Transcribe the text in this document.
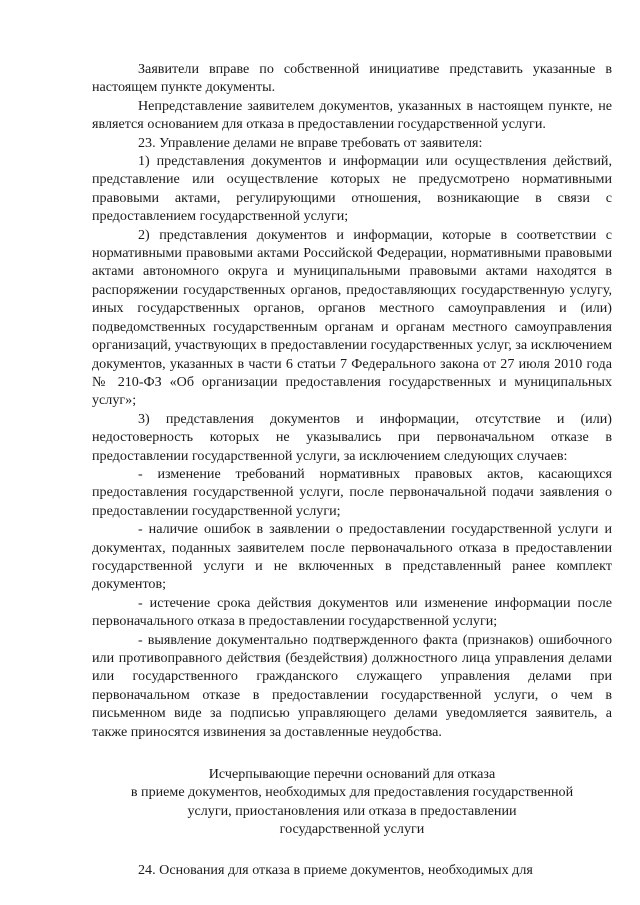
Заявители вправе по собственной инициативе представить указанные в настоящем пункте документы.

Непредставление заявителем документов, указанных в настоящем пункте, не является основанием для отказа в предоставлении государственной услуги.

23. Управление делами не вправе требовать от заявителя:

1) представления документов и информации или осуществления действий, представление или осуществление которых не предусмотрено нормативными правовыми актами, регулирующими отношения, возникающие в связи с предоставлением государственной услуги;

2) представления документов и информации, которые в соответствии с нормативными правовыми актами Российской Федерации, нормативными правовыми актами автономного округа и муниципальными правовыми актами находятся в распоряжении государственных органов, предоставляющих государственную услугу, иных государственных органов, органов местного самоуправления и (или) подведомственных государственным органам и органам местного самоуправления организаций, участвующих в предоставлении государственных услуг, за исключением документов, указанных в части 6 статьи 7 Федерального закона от 27 июля 2010 года № 210-ФЗ «Об организации предоставления государственных и муниципальных услуг»;

3) представления документов и информации, отсутствие и (или) недостоверность которых не указывались при первоначальном отказе в предоставлении государственной услуги, за исключением следующих случаев:

- изменение требований нормативных правовых актов, касающихся предоставления государственной услуги, после первоначальной подачи заявления о предоставлении государственной услуги;

- наличие ошибок в заявлении о предоставлении государственной услуги и документах, поданных заявителем после первоначального отказа в предоставлении государственной услуги и не включенных в представленный ранее комплект документов;

- истечение срока действия документов или изменение информации после первоначального отказа в предоставлении государственной услуги;

- выявление документально подтвержденного факта (признаков) ошибочного или противоправного действия (бездействия) должностного лица управления делами или государственного гражданского служащего управления делами при первоначальном отказе в предоставлении государственной услуги, о чем в письменном виде за подписью управляющего делами уведомляется заявитель, а также приносятся извинения за доставленные неудобства.

Исчерпывающие перечни оснований для отказа
в приеме документов, необходимых для предоставления государственной
услуги, приостановления или отказа в предоставлении
государственной услуги

24. Основания для отказа в приеме документов, необходимых для
